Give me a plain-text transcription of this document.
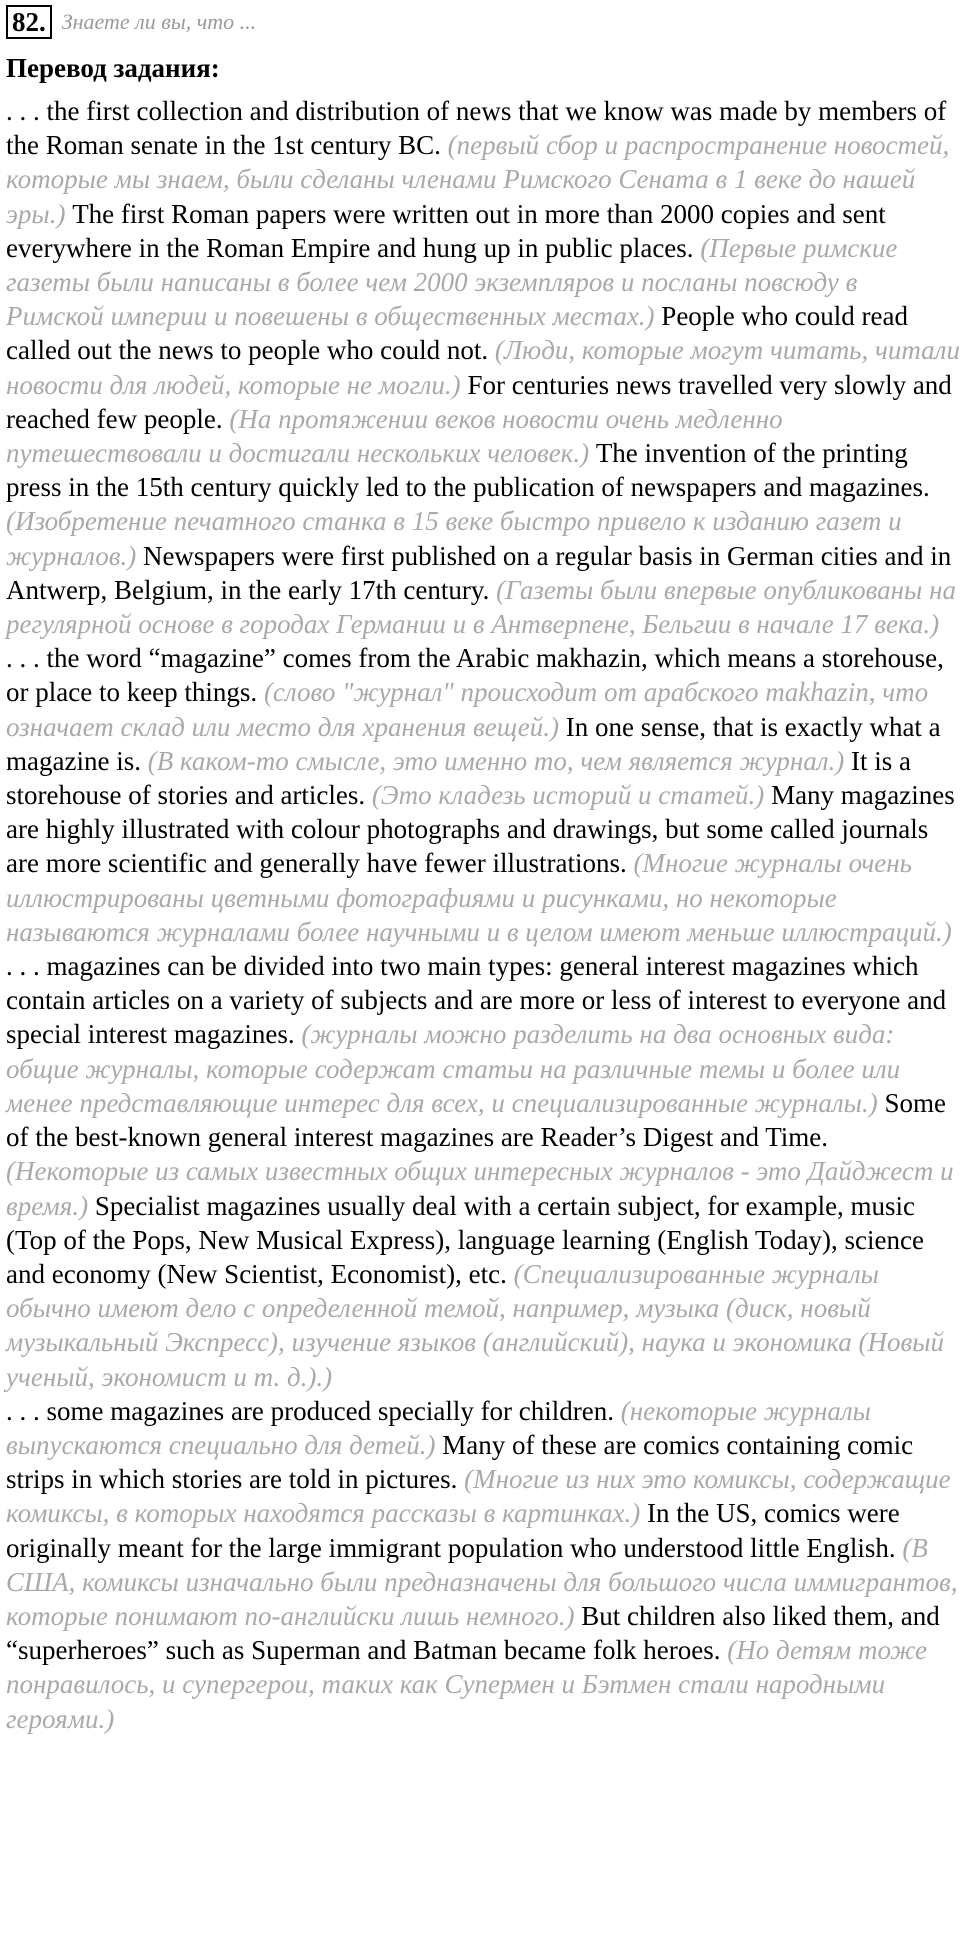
82. Знаете ли вы, что ...
Перевод задания:

. . . the first collection and distribution of news that we know was made by members of the Roman senate in the 1st century BC. (первый сбор и распространение новостей, которые мы знаем, были сделаны членами Римского Сената в 1 веке до нашей эры.) The first Roman papers were written out in more than 2000 copies and sent everywhere in the Roman Empire and hung up in public places. (Первые римские газеты были написаны в более чем 2000 экземпляров и посланы повсюду в Римской империи и повешены в общественных местах.) People who could read called out the news to people who could not. (Люди, которые могут читать, читали новости для людей, которые не могли.) For centuries news travelled very slowly and reached few people. (На протяжении веков новости очень медленно путешествовали и достигали нескольких человек.) The invention of the printing press in the 15th century quickly led to the publication of newspapers and magazines. (Изобретение печатного станка в 15 веке быстро привело к изданию газет и журналов.) Newspapers were first published on a regular basis in German cities and in Antwerp, Belgium, in the early 17th century. (Газеты были впервые опубликованы на регулярной основе в городах Германии и в Антверпене, Бельгии в начале 17 века.)

. . . the word “magazine” comes from the Arabic makhazin, which means a storehouse, or place to keep things. (слово "журнал" происходит от арабского makhazin, что означает склад или место для хранения вещей.) In one sense, that is exactly what a magazine is. (В каком-то смысле, это именно то, чем является журнал.) It is a storehouse of stories and articles. (Это кладезь историй и статей.) Many magazines are highly illustrated with colour photographs and drawings, but some called journals are more scientific and generally have fewer illustrations. (Многие журналы очень иллюстрированы цветными фотографиями и рисунками, но некоторые называются журналами более научными и в целом имеют меньше иллюстраций.)

. . . magazines can be divided into two main types: general interest magazines which contain articles on a variety of subjects and are more or less of interest to everyone and special interest magazines. (журналы можно разделить на два основных вида: общие журналы, которые содержат статьи на различные темы и более или менее представляющие интерес для всех, и специализированные журналы.) Some of the best-known general interest magazines are Reader’s Digest and Time. (Некоторые из самых известных общих интересных журналов - это Дайджест и время.) Specialist magazines usually deal with a certain subject, for example, music (Top of the Pops, New Musical Express), language learning (English Today), science and economy (New Scientist, Economist), etc. (Специализированные журналы обычно имеют дело с определенной темой, например, музыка (диск, новый музыкальный Экспресс), изучение языков (английский), наука и экономика (Новый ученый, экономист и т. д.).)

. . . some magazines are produced specially for children. (некоторые журналы выпускаются специально для детей.) Many of these are comics containing comic strips in which stories are told in pictures. (Многие из них это комиксы, содержащие комиксы, в которых находятся рассказы в картинках.) In the US, comics were originally meant for the large immigrant population who understood little English. (В США, комиксы изначально были предназначены для большого числа иммигрантов, которые понимают по-английски лишь немного.) But children also liked them, and “superheroes” such as Superman and Batman became folk heroes. (Но детям тоже понравилось, и супергерои, таких как Супермен и Бэтмен стали народными героями.)
